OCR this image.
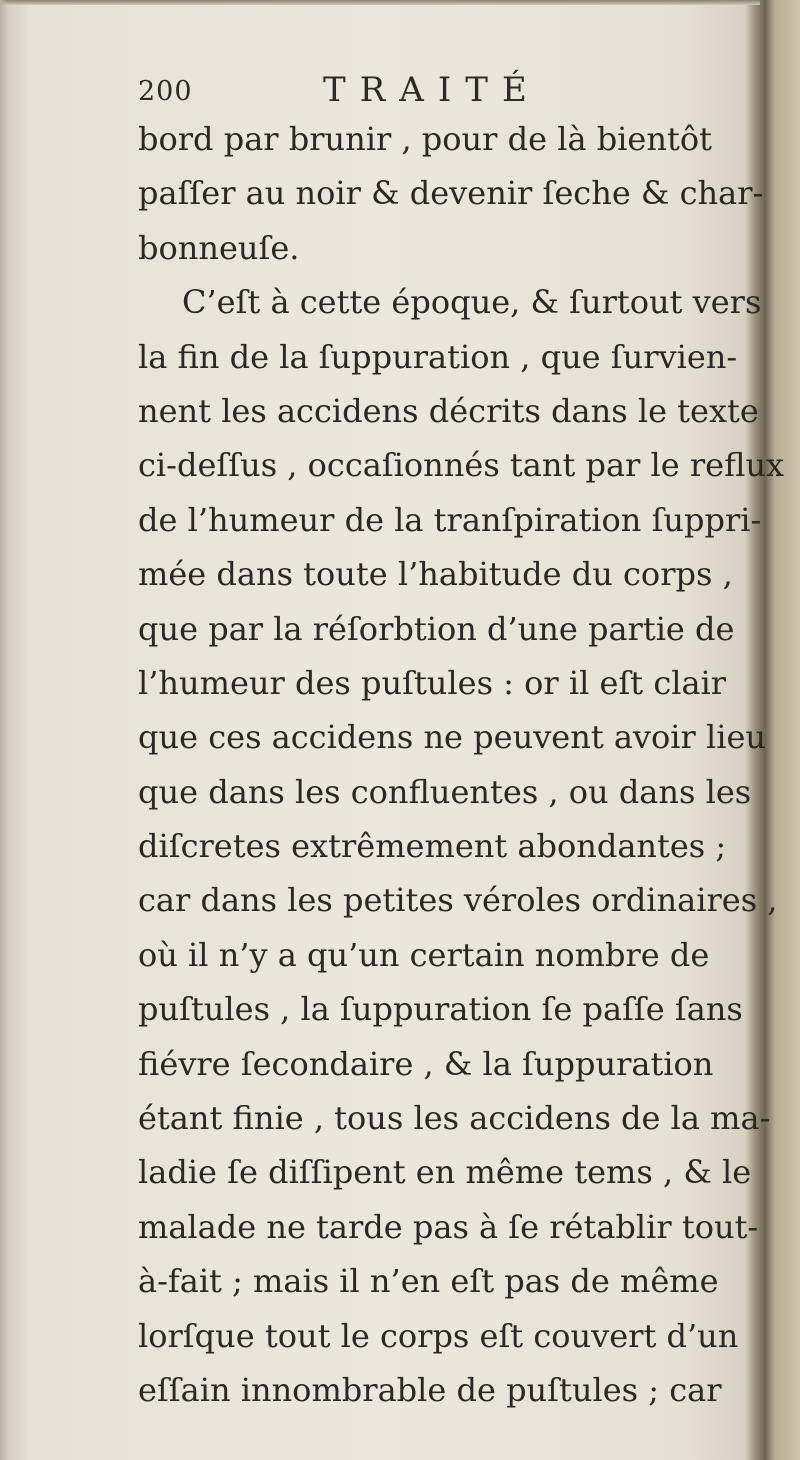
200	TRAITÉ
bord par brunir , pour de là bientôt
paſſer au noir & devenir ſeche & char-
bonneuſe.
C’eſt à cette époque, & ſurtout vers
la fin de la ſuppuration , que ſurvien-
nent les accidens décrits dans le texte
ci-deſſus , occaſionnés tant par le reflux
de l’humeur de la tranſpiration ſuppri-
mée dans toute l’habitude du corps ,
que par la réſorbtion d’une partie de
l’humeur des puſtules : or il eſt clair
que ces accidens ne peuvent avoir lieu
que dans les confluentes , ou dans les
diſcretes extrêmement abondantes ;
car dans les petites véroles ordinaires ,
où il n’y a qu’un certain nombre de
puſtules , la ſuppuration ſe paſſe ſans
fiévre ſecondaire , & la ſuppuration
étant finie , tous les accidens de la ma-
ladie ſe diſſipent en même tems , & le
malade ne tarde pas à ſe rétablir tout-
à-fait ; mais il n’en eſt pas de même
lorſque tout le corps eſt couvert d’un
eſſain innombrable de puſtules ; car
